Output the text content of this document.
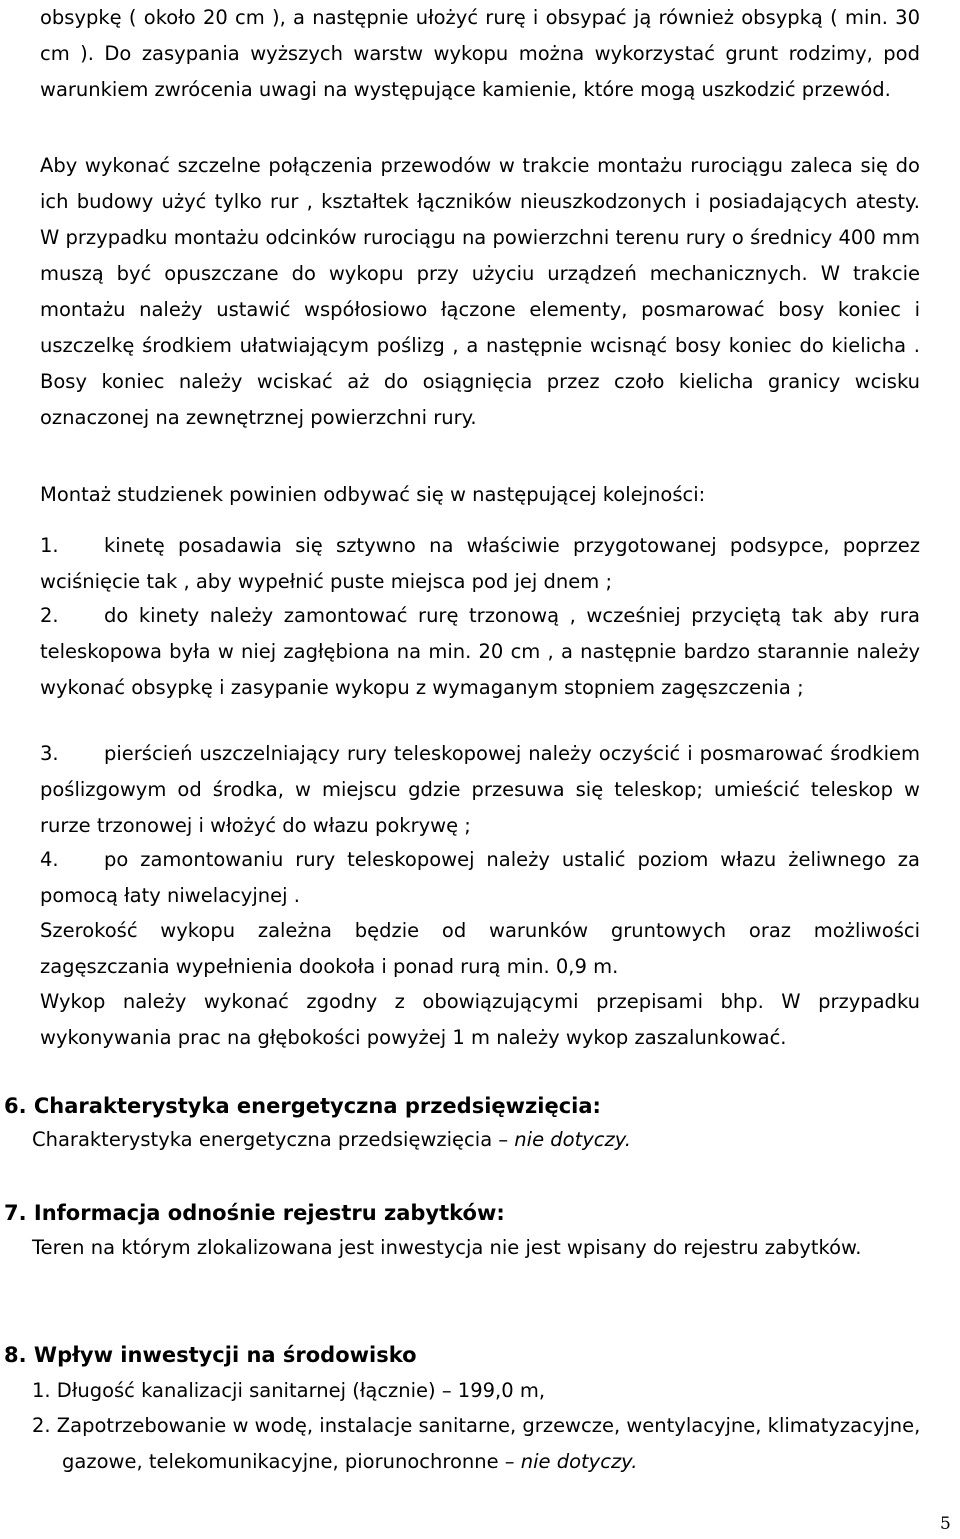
obsypkę ( około 20 cm ), a następnie ułożyć rurę i obsypać ją również obsypką ( min. 30 cm ). Do zasypania wyższych warstw wykopu można wykorzystać grunt rodzimy, pod warunkiem zwrócenia uwagi na występujące kamienie, które mogą uszkodzić przewód.
Aby wykonać szczelne połączenia przewodów w trakcie montażu rurociągu zaleca się do ich budowy użyć tylko rur , kształtek łączników nieuszkodzonych i posiadających atesty. W przypadku montażu odcinków rurociągu na powierzchni terenu rury o średnicy 400 mm muszą być opuszczane do wykopu przy użyciu urządzeń mechanicznych. W trakcie montażu należy ustawić współosiowo łączone elementy, posmarować bosy koniec i uszczelkę środkiem ułatwiającym poślizg , a następnie wcisnąć bosy koniec do kielicha . Bosy koniec należy wciskać aż do osiągnięcia przez czoło kielicha granicy wcisku oznaczonej na zewnętrznej powierzchni rury.
Montaż studzienek powinien odbywać się w następującej kolejności:
1. kinetę posadawia się sztywno na właściwie przygotowanej podsypce, poprzez wciśnięcie tak , aby wypełnić puste miejsca pod jej dnem ;
2. do kinety należy zamontować rurę trzonową , wcześniej przyciętą tak aby rura teleskopowa była w niej zagłębiona na min. 20 cm , a następnie bardzo starannie należy wykonać obsypkę i zasypanie wykopu z wymaganym stopniem zagęszczenia ;
3. pierścień uszczelniający rury teleskopowej należy oczyścić i posmarować środkiem poślizgowym od środka, w miejscu gdzie przesuwa się teleskop; umieścić teleskop w rurze trzonowej i włożyć do włazu pokrywę ;
4. po zamontowaniu rury teleskopowej należy ustalić poziom włazu żeliwnego za pomocą łaty niwelacyjnej .
Szerokość wykopu zależna będzie od warunków gruntowych oraz możliwości zagęszczania wypełnienia dookoła i ponad rurą min. 0,9 m.
Wykop należy wykonać zgodny z obowiązującymi przepisami bhp. W przypadku wykonywania prac na głębokości powyżej 1 m należy wykop zaszalunkować.
6. Charakterystyka energetyczna przedsięwzięcia:
Charakterystyka energetyczna przedsięwzięcia – nie dotyczy.
7. Informacja odnośnie rejestru zabytków:
Teren na którym zlokalizowana jest inwestycja nie jest wpisany do rejestru zabytków.
8. Wpływ inwestycji na środowisko
1. Długość kanalizacji sanitarnej (łącznie) – 199,0 m,
2. Zapotrzebowanie w wodę, instalacje sanitarne, grzewcze, wentylacyjne, klimatyzacyjne, gazowe, telekomunikacyjne, piorunochronne – nie dotyczy.
5
